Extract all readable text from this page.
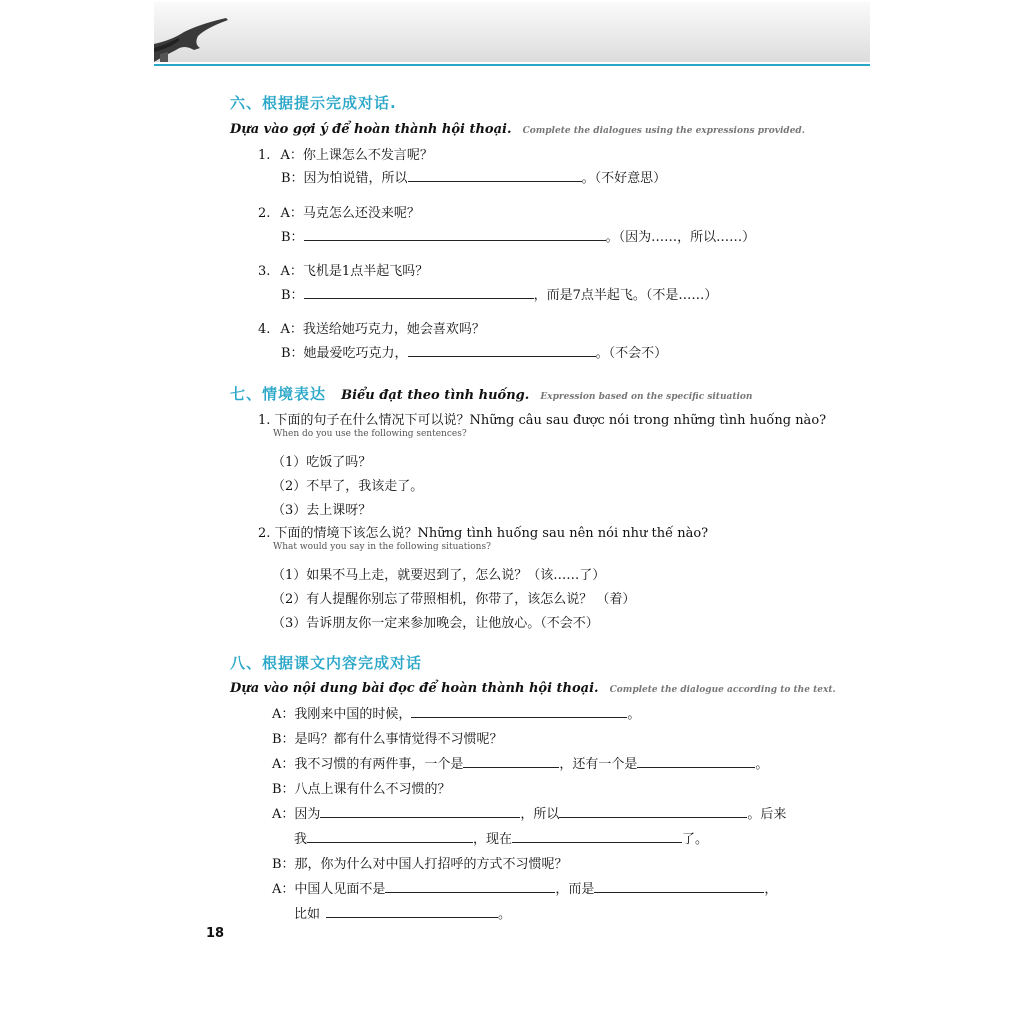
六、根据提示完成对话.
Dựa vào gợi ý để hoàn thành hội thoại. Complete the dialogues using the expressions provided.
1. A：你上课怎么不发言呢？
B：因为怕说错，所以	。（不好意思）
2. A：马克怎么还没来呢？
B：	。（因为……，所以……）
3. A：飞机是1点半起飞吗？
B：	，而是7点半起飞。（不是……）
4. A：我送给她巧克力，她会喜欢吗？
B：她最爱吃巧克力，	。（不会不）
七、情境表达 Biểu đạt theo tình huống. Expression based on the specific situation
1. 下面的句子在什么情况下可以说？Những câu sau được nói trong những tình huống nào?
When do you use the following sentences?
（1）吃饭了吗？
（2）不早了，我该走了。
（3）去上课呀？
2. 下面的情境下该怎么说？Những tình huống sau nên nói như thế nào?
What would you say in the following situations?
（1）如果不马上走，就要迟到了，怎么说？（该……了）
（2）有人提醒你别忘了带照相机，你带了，该怎么说？ （着）
（3）告诉朋友你一定来参加晚会，让他放心。（不会不）
八、根据课文内容完成对话
Dựa vào nội dung bài đọc để hoàn thành hội thoại. Complete the dialogue according to the text.
A：我刚来中国的时候，	。
B：是吗？都有什么事情觉得不习惯呢？
A：我不习惯的有两件事，一个是	，还有一个是	。
B：八点上课有什么不习惯的？
A：因为	，所以	。后来
我	，现在	了。
B：那，你为什么对中国人打招呼的方式不习惯呢？
A：中国人见面不是	，而是	，
比如	。
18
